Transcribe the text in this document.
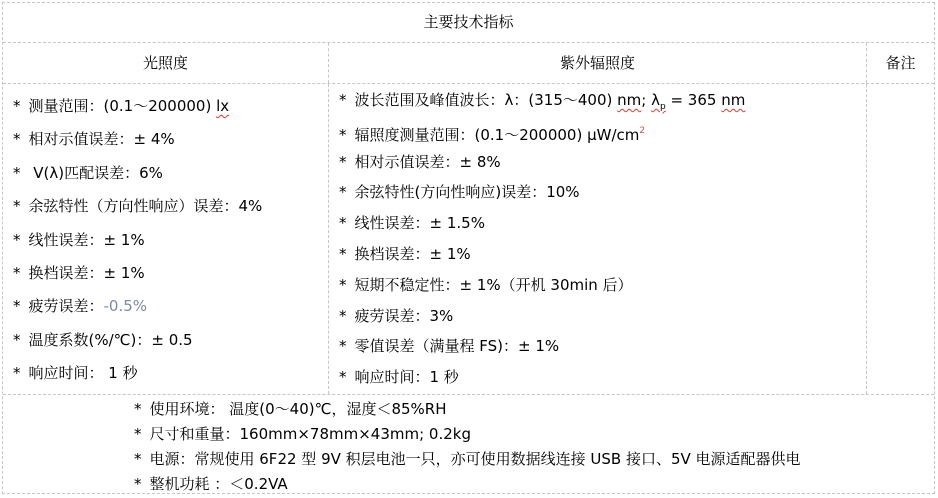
主要技术指标
光照度	紫外辐照度	备注
* 测量范围：(0.1～200000) lx
* 相对示值误差：± 4%
* V(λ)匹配误差：6%
* 余弦特性（方向性响应）误差：4%
* 线性误差：± 1%
* 换档误差：± 1%
* 疲劳误差：-0.5%
* 温度系数(%/℃)：± 0.5
* 响应时间： 1 秒
* 波长范围及峰值波长：λ：(315～400) nm; $\lambda_p = 365$ nm
* 辐照度测量范围：(0.1～200000) $\mu W/cm^2$
* 相对示值误差：± 8%
* 余弦特性(方向性响应)误差：10%
* 线性误差：± 1.5%
* 换档误差：± 1%
* 短期不稳定性：± 1%（开机 30min 后）
* 疲劳误差：3%
* 零值误差（满量程 FS)：± 1%
* 响应时间：1 秒
* 使用环境： 温度(0～40)℃，湿度＜85%RH
* 尺寸和重量：160mm×78mm×43mm; 0.2kg
* 电源：常规使用 6F22 型 9V 积层电池一只，亦可使用数据线连接 USB 接口、5V 电源适配器供电
* 整机功耗 ：＜0.2VA
